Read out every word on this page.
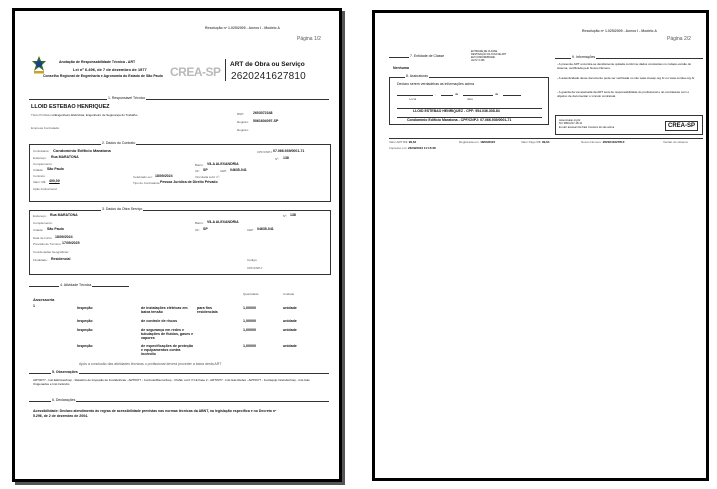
Resolução nº 1.025/2009 - Anexo I - Modelo A
Página 1/2
Anotação de Responsabilidade Técnica - ART
Lei nº 6.496, de 7 de dezembro de 1977
Conselho Regional de Engenharia e Agronomia do Estado de São Paulo CREA-SP
ART de Obra ou Serviço
2620241627810
1. Responsável Técnico
LLOID ESTEBAO HENRIQUEZ
Título Profissional: Engenheiro Eletricista, Engenheiro de Segurança do Trabalho
Empresa Contratada:
RNP:	2603072348
Registro: 5061604097-SP
Registro:
2. Dados do Contrato
Contratante: Condomínio Edifício Maratona
Endereço: Rua MARATONA
Complemento:
Cidade: São Paulo
Contrato:
Valor: R$ 400,00
Ação Institucional:
CPF/CNPJ: 07.066.939/0001-71
Nº: 138
Bairro: VILA ALEXANDRIA
UF: SP	CEP: 04635-041
Celebrado em: 18/09/2024	Vinculada à Art nº:
Tipo de Contratante: Pessoa Jurídica de Direito Privado
3. Dados da Obra Serviço
Endereço: Rua MARATONA	Nº: 138
Complemento:	Bairro: VILA ALEXANDRIA
Cidade: São Paulo	UF: SP	CEP: 04635-041
Data de Início: 18/09/2024
Previsão de Término: 17/09/2025
Coordenadas Geográficas:
Finalidade: Residencial	Código:
CPF/CNPJ:
4. Atividade Técnica
Quantidade	Unidade
Assessoria
1	Inspeção	de instalações elétricas em baixa tensão
para fins residenciais
1,00000	unidade
Inspeção	de controle de riscos	1,00000	unidade
Inspeção	de segurança em redes e tubulações de fluidos, gases e vapores
1,00000	unidade
Inspeção	de especificações de proteção e equipamentos contra incêndio
1,00000	unidade
Após a conclusão das atividades técnicas o profissional deverá proceder a baixa desta ART
5. Observações
ART0077 - Inst.Elétricas/Insp - Relatório de Inspeção de Inst.Elétricas - ART0077 - Controle/Riscos/Insp - CNAE: conf. P.I.E Fase 2 - ART0077 - Inst.Gás Redes - ART0077 - Inst.Equip.Incêndio/Insp - Inst.Gás Oxigenados e Inst.Incêndio
6. Declarações
Acessibilidade: Declaro atendimento às regras de acessibilidade previstas nas normas técnicas da ABNT, na legislação específica e no Decreto nº 5.296, de 2 de dezembro de 2004.
Resolução nº 1.025/2009 - Anexo I - Modelo A
Página 2/2
7. Entidade de Classe
Nenhuma
ENTIDADE DE CLASSE
DESTINAÇÃO DA TAXA DE ART
EM CONFORMIDADE
LEI Nº 6.496
8. Assinaturas
Declaro serem verdadeiras as informações acima
,	de	de
Local	data
LLOID ESTEBAO HENRIQUEZ - CPF: 954.036.308-84
Condomínio Edifício Maratona - CPF/CNPJ: 07.066.939/0001-71
9. Informações
- A presente ART encontra-se devidamente quitada conforme dados constantes no rodapé-versão do sistema, certificada pelo Nosso Número.
- A autenticidade deste documento pode ser verificada no site www.creasp.org.br ou www.confea.org.br
- A guarda da via assinada da ART será de responsabilidade do profissional e do contratante com o objetivo de documentar o vínculo contratual.
www.creasp.org.br
Tel: 0800-017-18-11
E-mail: acessar link Fale Conosco do site acima	CREA-SP
Valor ART R$: 99,64	Registrada em: 18/09/2024	Valor Pago R$: 99,64	Nosso Numero: 2620241627810	Versão do sistema
Impresso em: 23/09/2024 11:15:38
